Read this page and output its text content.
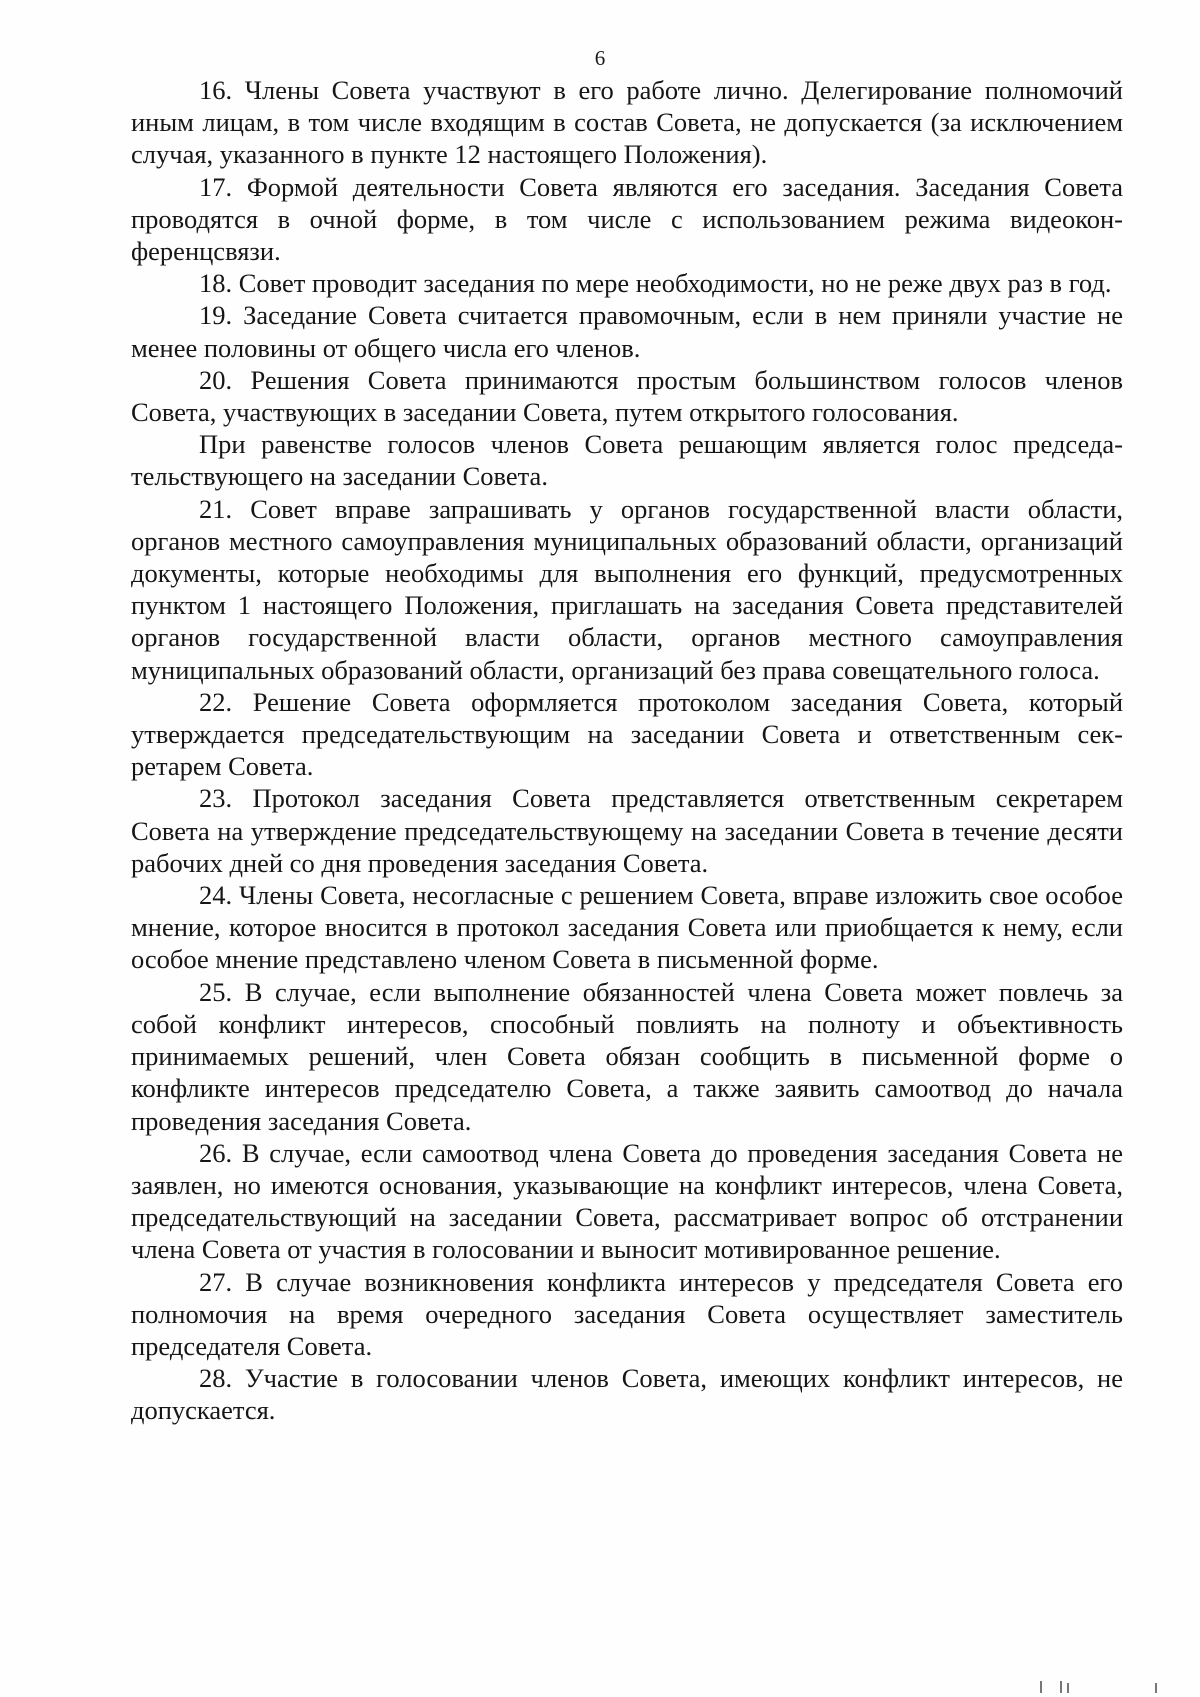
6

16. Члены Совета участвуют в его работе лично. Делегирование полномочий иным лицам, в том числе входящим в состав Совета, не допускается (за исключением случая, указанного в пункте 12 настоящего Положения).

17. Формой деятельности Совета являются его заседания. Заседания Совета проводятся в очной форме, в том числе с использованием режима видеоконференцсвязи.

18. Совет проводит заседания по мере необходимости, но не реже двух раз в год.

19. Заседание Совета считается правомочным, если в нем приняли участие не менее половины от общего числа его членов.

20. Решения Совета принимаются простым большинством голосов членов Совета, участвующих в заседании Совета, путем открытого голосования.

При равенстве голосов членов Совета решающим является голос председательствующего на заседании Совета.

21. Совет вправе запрашивать у органов государственной власти области, органов местного самоуправления муниципальных образований области, организаций документы, которые необходимы для выполнения его функций, предусмотренных пунктом 1 настоящего Положения, приглашать на заседания Совета представителей органов государственной власти области, органов местного самоуправления муниципальных образований области, организаций без права совещательного голоса.

22. Решение Совета оформляется протоколом заседания Совета, который утверждается председательствующим на заседании Совета и ответственным секретарем Совета.

23. Протокол заседания Совета представляется ответственным секретарем Совета на утверждение председательствующему на заседании Совета в течение десяти рабочих дней со дня проведения заседания Совета.

24. Члены Совета, несогласные с решением Совета, вправе изложить свое особое мнение, которое вносится в протокол заседания Совета или приобщается к нему, если особое мнение представлено членом Совета в письменной форме.

25. В случае, если выполнение обязанностей члена Совета может повлечь за собой конфликт интересов, способный повлиять на полноту и объективность принимаемых решений, член Совета обязан сообщить в письменной форме о конфликте интересов председателю Совета, а также заявить самоотвод до начала проведения заседания Совета.

26. В случае, если самоотвод члена Совета до проведения заседания Совета не заявлен, но имеются основания, указывающие на конфликт интересов, члена Совета, председательствующий на заседании Совета, рассматривает вопрос об отстранении члена Совета от участия в голосовании и выносит мотивированное решение.

27. В случае возникновения конфликта интересов у председателя Совета его полномочия на время очередного заседания Совета осуществляет заместитель председателя Совета.

28. Участие в голосовании членов Совета, имеющих конфликт интересов, не допускается.
